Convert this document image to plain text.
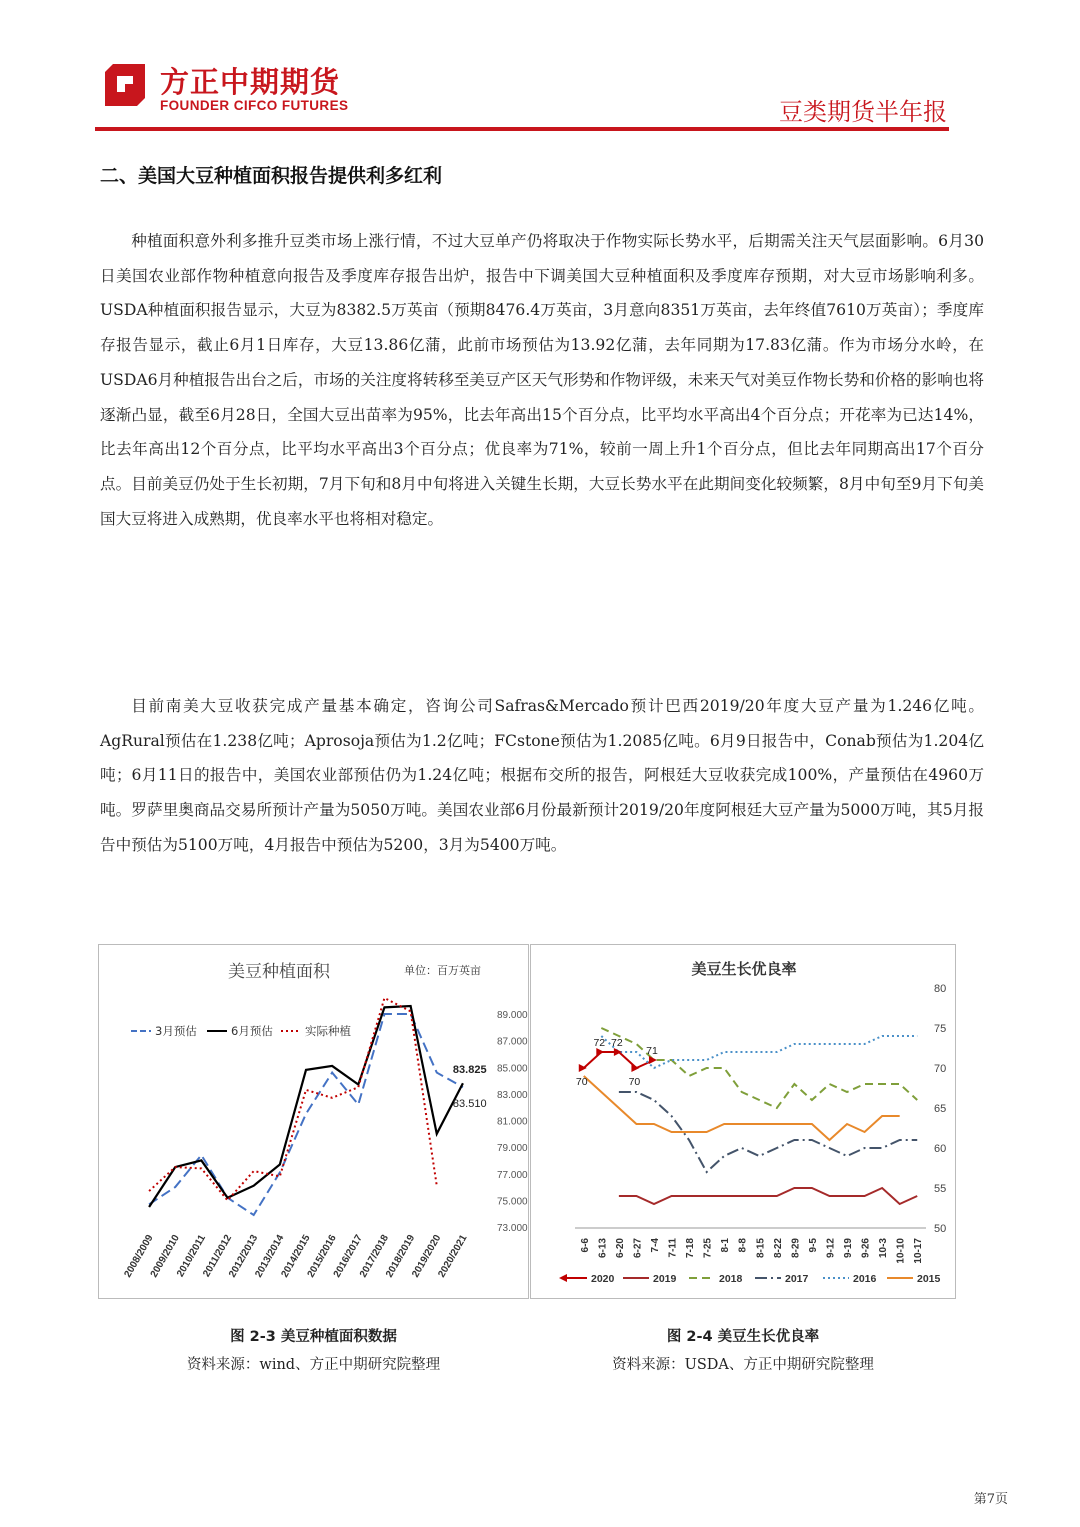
方正中期期货
FOUNDER CIFCO FUTURES	豆类期货半年报
二、美国大豆种植面积报告提供利多红利

种植面积意外利多推升豆类市场上涨行情，不过大豆单产仍将取决于作物实际长势水平，后期需关注天气层面影响。6月30日美国农业部作物种植意向报告及季度库存报告出炉，报告中下调美国大豆种植面积及季度库存预期，对大豆市场影响利多。 USDA种植面积报告显示，大豆为8382.5万英亩（预期8476.4万英亩，3月意向8351万英亩，去年终值7610万英亩）；季度库存报告显示，截止6月1日库存，大豆13.86亿蒲，此前市场预估为13.92亿蒲，去年同期为17.83亿蒲。作为市场分水岭，在USDA6月种植报告出台之后，市场的关注度将转移至美豆产区天气形势和作物评级，未来天气对美豆作物长势和价格的影响也将逐渐凸显，截至6月28日，全国大豆出苗率为95%，比去年高出15个百分点，比平均水平高出4个百分点；开花率为已达14%，比去年高出12个百分点，比平均水平高出3个百分点；优良率为71%，较前一周上升1个百分点，但比去年同期高出17个百分点。目前美豆仍处于生长初期，7月下旬和8月中旬将进入关键生长期，大豆长势水平在此期间变化较频繁，8月中旬至9月下旬美国大豆将进入成熟期，优良率水平也将相对稳定。

目前南美大豆收获完成产量基本确定，咨询公司Safras&Mercado预计巴西2019/20年度大豆产量为1.246亿吨。AgRural预估在1.238亿吨；Aprosoja预估为1.2亿吨；FCstone预估为1.2085亿吨。6月9日报告中，Conab预估为1.204亿吨；6月11日的报告中，美国农业部预估仍为1.24亿吨；根据布交所的报告，阿根廷大豆收获完成100%，产量预估在4960万吨。罗萨里奥商品交易所预计产量为5050万吨。美国农业部6月份最新预计2019/20年度阿根廷大豆产量为5000万吨，其5月报告中预估为5100万吨，4月报告中预估为5200，3月为5400万吨。

美豆种植面积	单位：百万英亩
73.000
75.000
77.000
79.000
81.000
83.000
85.000
87.000
89.000
2008/2009
2009/2010
2010/2011
2011/2012
2012/2013
2013/2014
2014/2015
2015/2016
2016/2017
2017/2018
2018/2019
2019/2020
2020/2021
3月预估	6月预估	实际种植
83.825
83.510
美豆生长优良率
50
55
60
65
70
75
80
6-6 6-13 6-20 6-27 7-4 7-11 7-18 7-25 8-1 8-8 8-15 8-22 8-29 9-5 9-12 9-19 9-26 10-3 10-10 10-17
70
72 72
70
71
2020	2019	2018	2017	2016	2015
图 2-3 美豆种植面积数据
资料来源：wind、方正中期研究院整理
图 2-4 美豆生长优良率
资料来源：USDA、方正中期研究院整理
第7页
